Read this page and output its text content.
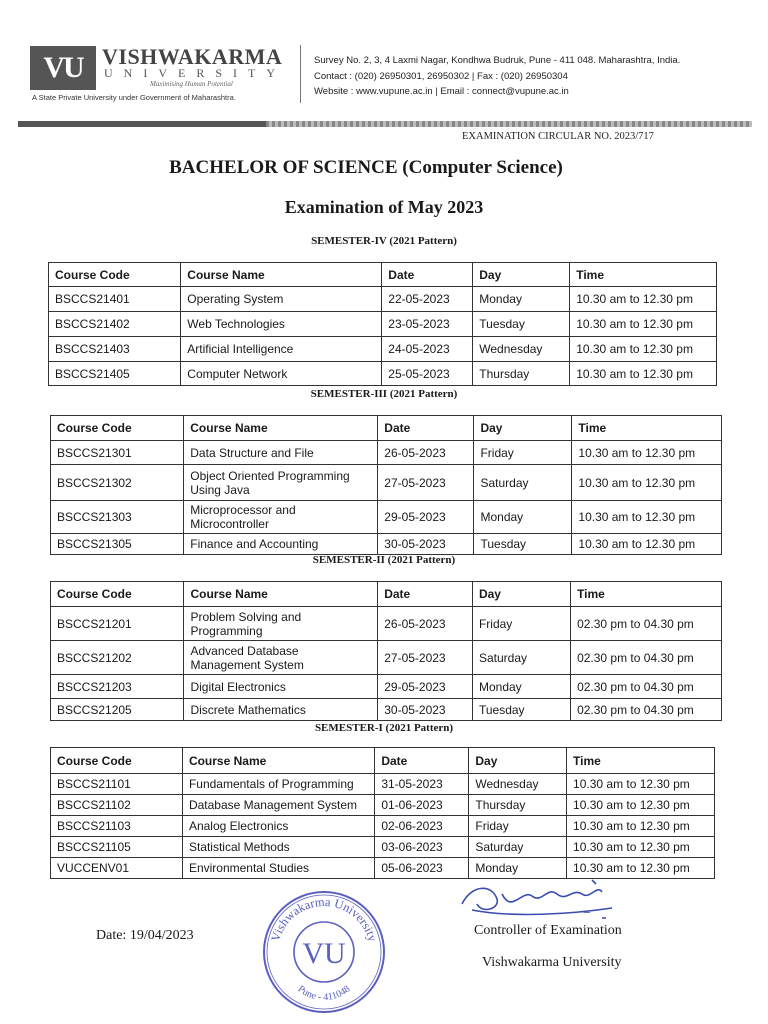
VU VISHWAKARMA
UNIVERSITY
Maximising Human Potential
A State Private University under Government of Maharashtra.
Survey No. 2, 3, 4 Laxmi Nagar, Kondhwa Budruk, Pune - 411 048. Maharashtra, India.
Contact : (020) 26950301, 26950302 | Fax : (020) 26950304
Website : www.vupune.ac.in | Email : connect@vupune.ac.in
EXAMINATION CIRCULAR NO. 2023/717
BACHELOR OF SCIENCE (Computer Science)
Examination of May 2023
SEMESTER-IV (2021 Pattern)
SEMESTER-III (2021 Pattern)
SEMESTER-II (2021 Pattern)
SEMESTER-I (2021 Pattern)
Course Code	Course Name	Date	Day	Time
BSCCS21401	Operating System	22-05-2023	Monday	10.30 am to 12.30 pm
BSCCS21402	Web Technologies	23-05-2023	Tuesday	10.30 am to 12.30 pm
BSCCS21403	Artificial Intelligence	24-05-2023	Wednesday	10.30 am to 12.30 pm
BSCCS21405	Computer Network	25-05-2023	Thursday	10.30 am to 12.30 pm
Course Code	Course Name	Date	Day	Time
BSCCS21301	Data Structure and File	26-05-2023	Friday	10.30 am to 12.30 pm
BSCCS21302	Object Oriented Programming Using Java	27-05-2023	Saturday	10.30 am to 12.30 pm
BSCCS21303	Microprocessor and Microcontroller	29-05-2023	Monday	10.30 am to 12.30 pm
BSCCS21305	Finance and Accounting	30-05-2023	Tuesday	10.30 am to 12.30 pm
Course Code	Course Name	Date	Day	Time
BSCCS21201	Problem Solving and Programming	26-05-2023	Friday	02.30 pm to 04.30 pm
BSCCS21202	Advanced Database Management System	27-05-2023	Saturday	02.30 pm to 04.30 pm
BSCCS21203	Digital Electronics	29-05-2023	Monday	02.30 pm to 04.30 pm
BSCCS21205	Discrete Mathematics	30-05-2023	Tuesday	02.30 pm to 04.30 pm
Course Code	Course Name	Date	Day	Time
BSCCS21101	Fundamentals of Programming	31-05-2023	Wednesday	10.30 am to 12.30 pm
BSCCS21102	Database Management System	01-06-2023	Thursday	10.30 am to 12.30 pm
BSCCS21103	Analog Electronics	02-06-2023	Friday	10.30 am to 12.30 pm
BSCCS21105	Statistical Methods	03-06-2023	Saturday	10.30 am to 12.30 pm
VUCCENV01	Environmental Studies	05-06-2023	Monday	10.30 am to 12.30 pm
Vishwakarma University
VU
Pune - 411048
Date: 19/04/2023	Controller of Examination
Vishwakarma University
